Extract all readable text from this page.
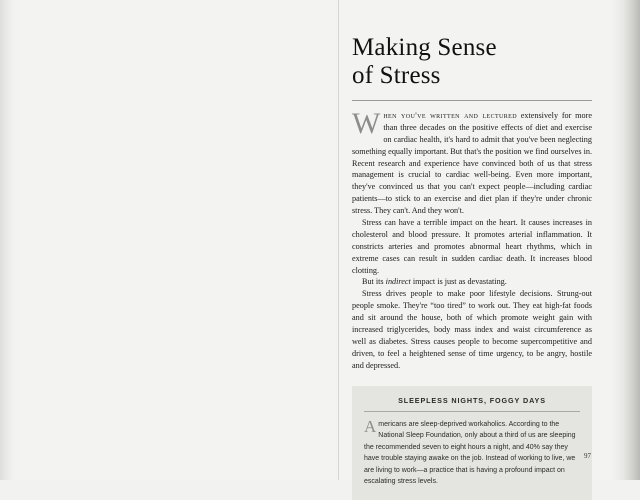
Making Sense
of Stress

When you've written and lectured extensively for more than three decades on the positive effects of diet and exercise on cardiac health, it's hard to admit that you've been neglecting something equally important. But that's the position we find ourselves in. Recent research and experience have convinced both of us that stress management is crucial to cardiac well-being. Even more important, they've convinced us that you can't expect people—including cardiac patients—to stick to an exercise and diet plan if they're under chronic stress. They can't. And they won't.

Stress can have a terrible impact on the heart. It causes increases in cholesterol and blood pressure. It promotes arterial inflammation. It constricts arteries and promotes abnormal heart rhythms, which in extreme cases can result in sudden cardiac death. It increases blood clotting.

But its indirect impact is just as devastating.

Stress drives people to make poor lifestyle decisions. Strung-out people smoke. They're “too tired” to work out. They eat high-fat foods and sit around the house, both of which promote weight gain with increased triglycerides, body mass index and waist circumference as well as diabetes. Stress causes people to become supercompetitive and driven, to feel a heightened sense of time urgency, to be angry, hostile and depressed.

SLEEPLESS NIGHTS, FOGGY DAYS

Americans are sleep-deprived workaholics. According to the National Sleep Foundation, only about a third of us are sleeping the recommended seven to eight hours a night, and 40% say they have trouble staying awake on the job. Instead of working to live, we are living to work—a practice that is having a profound impact on escalating stress levels.

97
